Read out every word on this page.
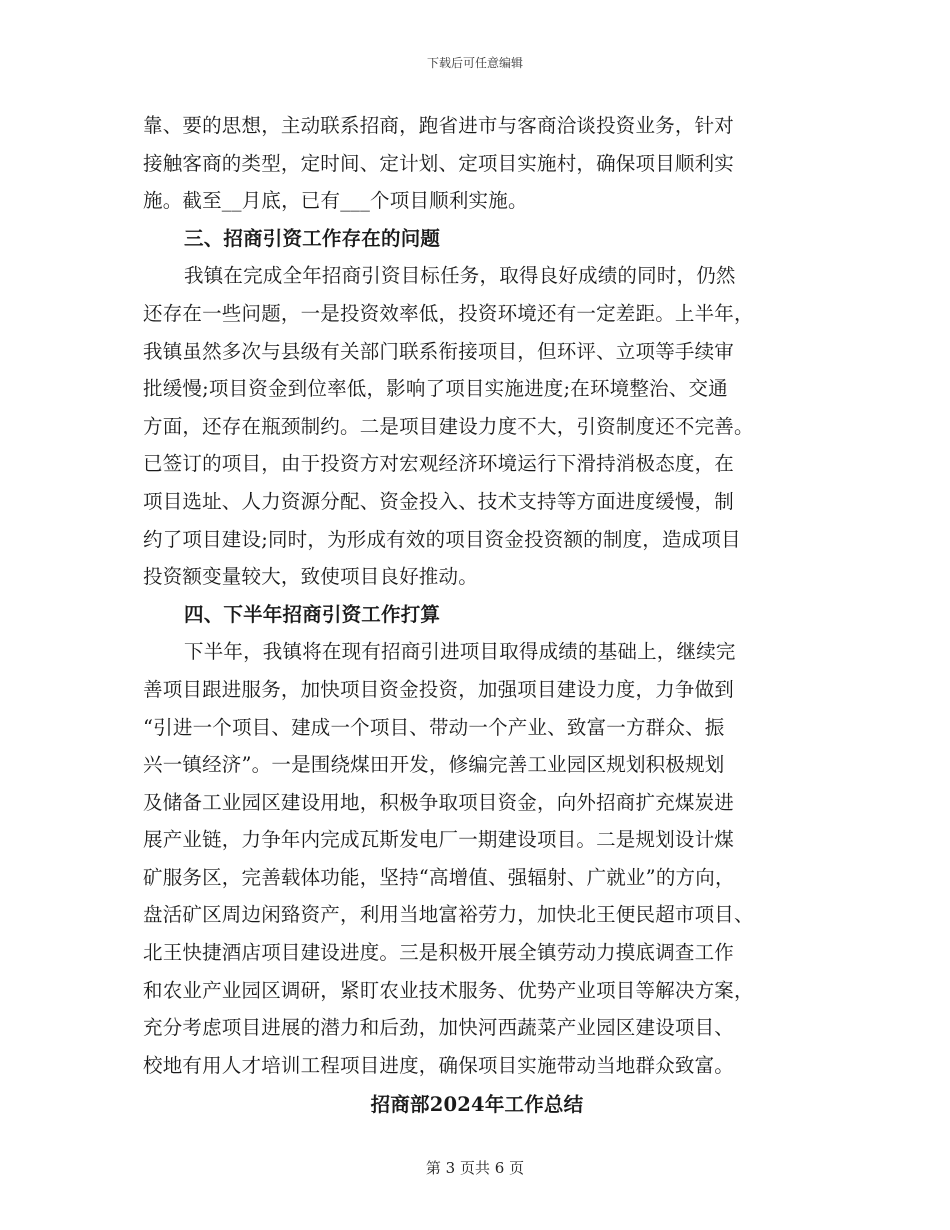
下载后可任意编辑
靠、要的思想，主动联系招商，跑省进市与客商洽谈投资业务，针对
接触客商的类型，定时间、定计划、定项目实施村，确保项目顺利实
施。截至__月底，已有___个项目顺利实施。
三、招商引资工作存在的问题
我镇在完成全年招商引资目标任务，取得良好成绩的同时，仍然
还存在一些问题，一是投资效率低，投资环境还有一定差距。上半年，
我镇虽然多次与县级有关部门联系衔接项目，但环评、立项等手续审
批缓慢;项目资金到位率低，影响了项目实施进度;在环境整治、交通
方面，还存在瓶颈制约。二是项目建设力度不大，引资制度还不完善。
已签订的项目，由于投资方对宏观经济环境运行下滑持消极态度，在
项目选址、人力资源分配、资金投入、技术支持等方面进度缓慢，制
约了项目建设;同时，为形成有效的项目资金投资额的制度，造成项目
投资额变量较大，致使项目良好推动。
四、下半年招商引资工作打算
下半年，我镇将在现有招商引进项目取得成绩的基础上，继续完
善项目跟进服务，加快项目资金投资，加强项目建设力度，力争做到
“引进一个项目、建成一个项目、带动一个产业、致富一方群众、振
兴一镇经济”。一是围绕煤田开发，修编完善工业园区规划积极规划
及储备工业园区建设用地，积极争取项目资金，向外招商扩充煤炭进
展产业链，力争年内完成瓦斯发电厂一期建设项目。二是规划设计煤
矿服务区，完善载体功能，坚持“高增值、强辐射、广就业”的方向，
盘活矿区周边闲臵资产，利用当地富裕劳力，加快北王便民超市项目、
北王快捷酒店项目建设进度。三是积极开展全镇劳动力摸底调查工作
和农业产业园区调研，紧盯农业技术服务、优势产业项目等解决方案，
充分考虑项目进展的潜力和后劲，加快河西蔬菜产业园区建设项目、
校地有用人才培训工程项目进度，确保项目实施带动当地群众致富。
招商部2024年工作总结
第 3 页共 6 页
